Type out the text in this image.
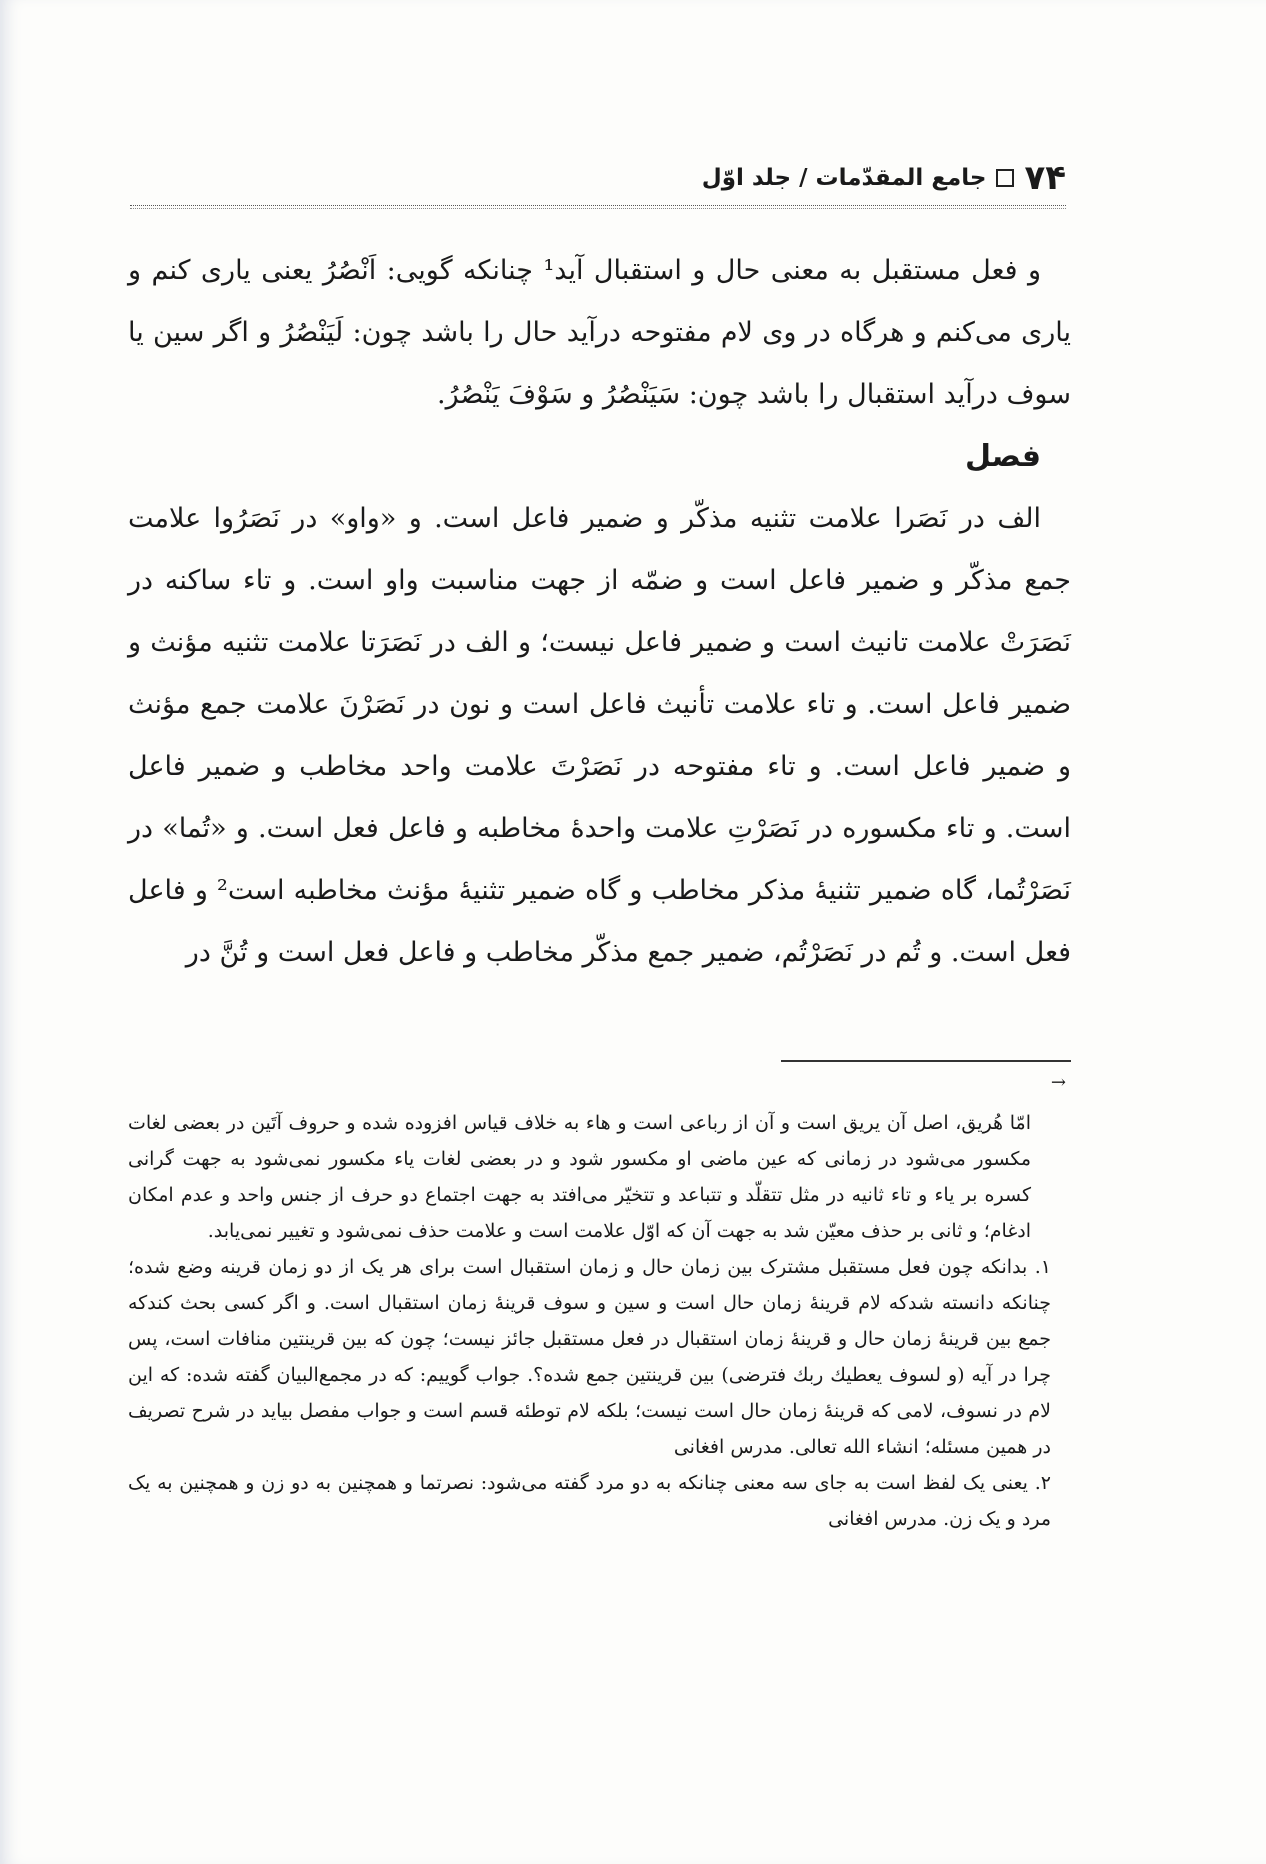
۷۴
جامع المقدّمات / جلد اوّل

و فعل مستقبل به معنی حال و استقبال آید¹ چنانکه گویی: اَنْصُرُ یعنی یاری کنم و یاری می‌کنم و هرگاه در وی لام مفتوحه درآید حال را باشد چون: لَیَنْصُرُ و اگر سین یا سوف درآید استقبال را باشد چون: سَیَنْصُرُ و سَوْفَ یَنْصُرُ.

فصل

الف در نَصَرا علامت تثنیه مذکّر و ضمیر فاعل است. و «واو» در نَصَرُوا علامت جمع مذکّر و ضمیر فاعل است و ضمّه از جهت مناسبت واو است. و تاء ساکنه در نَصَرَتْ علامت تانیث است و ضمیر فاعل نیست؛ و الف در نَصَرَتا علامت تثنیه مؤنث و ضمیر فاعل است. و تاء علامت تأنیث فاعل است و نون در نَصَرْنَ علامت جمع مؤنث و ضمیر فاعل است. و تاء مفتوحه در نَصَرْتَ علامت واحد مخاطب و ضمیر فاعل است. و تاء مکسوره در نَصَرْتِ علامت واحدهٔ مخاطبه و فاعل فعل است. و «تُما» در نَصَرْتُما، گاه ضمیر تثنیهٔ مذکر مخاطب و گاه ضمیر تثنیهٔ مؤنث مخاطبه است² و فاعل فعل است. و تُم در نَصَرْتُم، ضمیر جمع مذکّر مخاطب و فاعل فعل است و تُنَّ در

→

امّا هُریق، اصل آن یریق است و آن از رباعی است و هاء به خلاف قیاس افزوده شده و حروف آتَین در بعضی لغات مکسور می‌شود در زمانی که عین ماضی او مکسور شود و در بعضی لغات یاء مکسور نمی‌شود به جهت گرانی کسره بر یاء و تاء ثانیه در مثل تتقلّد و تتباعد و تتخیّر می‌افتد به جهت اجتماع دو حرف از جنس واحد و عدم امکان ادغام؛ و ثانی بر حذف معیّن شد به جهت آن که اوّل علامت است و علامت حذف نمی‌شود و تغییر نمی‌یابد.

۱. بدانکه چون فعل مستقبل مشترک بین زمان حال و زمان استقبال است برای هر یک از دو زمان قرینه وضع شده؛ چنانکه دانسته شدکه لام قرینهٔ زمان حال است و سین و سوف قرینهٔ زمان استقبال است. و اگر کسی بحث کندکه جمع بین قرینهٔ زمان حال و قرینهٔ زمان استقبال در فعل مستقبل جائز نیست؛ چون که بین قرینتین منافات است، پس چرا در آیه (و لسوف یعطیك ربك فترضی) بین قرینتین جمع شده؟. جواب گوییم: که در مجمع‌البیان گفته شده: که این لام در نسوف، لامی که قرینهٔ زمان حال است نیست؛ بلکه لام توطئه قسم است و جواب مفصل بیاید در شرح تصریف در همین مسئله؛ انشاء الله تعالی. مدرس افغانی

۲. یعنی یک لفظ است به جای سه معنی چنانکه به دو مرد گفته می‌شود: نصرتما و همچنین به دو زن و همچنین به یک مرد و یک زن. مدرس افغانی
